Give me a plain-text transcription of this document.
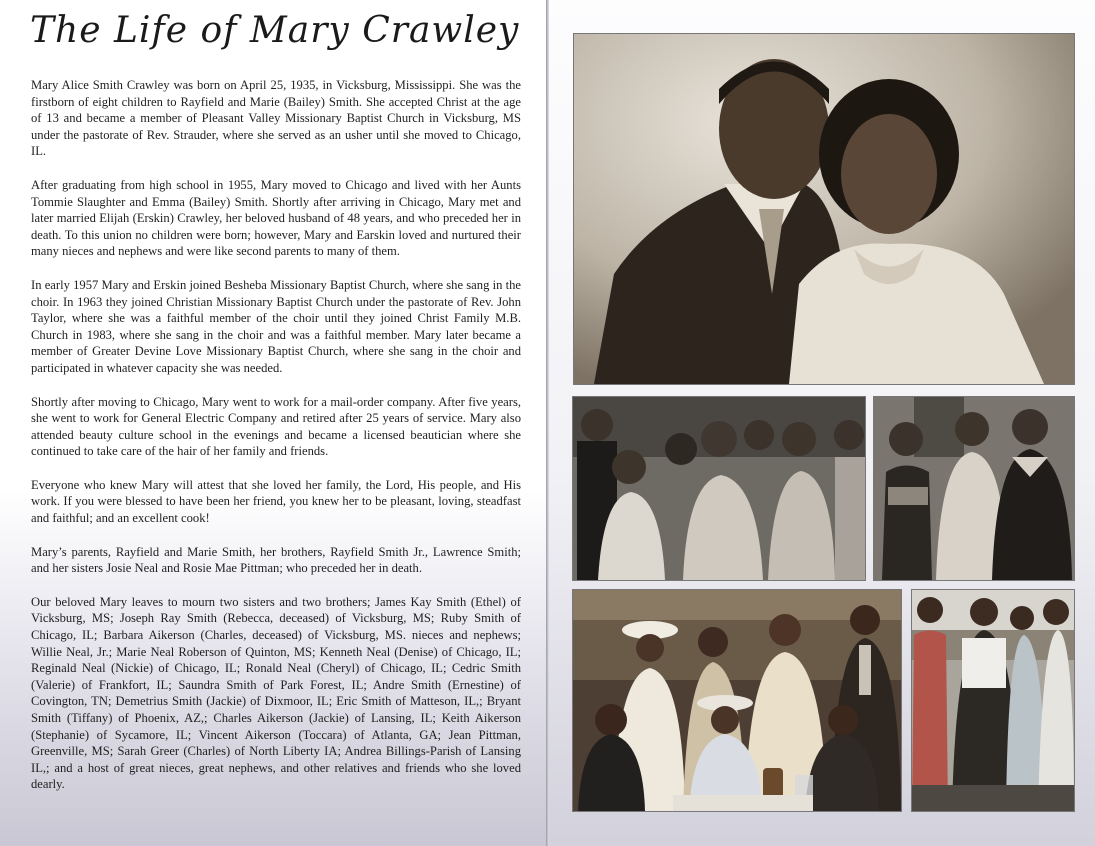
The Life of Mary Crawley

Mary Alice Smith Crawley was born on April 25, 1935, in Vicksburg, Mississippi. She was the firstborn of eight children to Rayfield and Marie (Bailey) Smith. She accepted Christ at the age of 13 and became a member of Pleasant Valley Missionary Baptist Church in Vicksburg, MS under the pastorate of Rev. Strauder, where she served as an usher until she moved to Chicago, IL.

After graduating from high school in 1955, Mary moved to Chicago and lived with her Aunts Tommie Slaughter and Emma (Bailey) Smith. Shortly after arriving in Chicago, Mary met and later married Elijah (Erskin) Crawley, her beloved husband of 48 years, and who preceded her in death. To this union no children were born; however, Mary and Earskin loved and nurtured their many nieces and nephews and were like second parents to many of them.

In early 1957 Mary and Erskin joined Besheba Missionary Baptist Church, where she sang in the choir. In 1963 they joined Christian Missionary Baptist Church under the pastorate of Rev. John Taylor, where she was a faithful member of the choir until they joined Christ Family M.B. Church in 1983, where she sang in the choir and was a faithful member. Mary later became a member of Greater Devine Love Missionary Baptist Church, where she sang in the choir and participated in whatever capacity she was needed.

Shortly after moving to Chicago, Mary went to work for a mail-order company. After five years, she went to work for General Electric Company and retired after 25 years of service. Mary also attended beauty culture school in the evenings and became a licensed beautician where she continued to take care of the hair of her family and friends.

Everyone who knew Mary will attest that she loved her family, the Lord, His people, and His work. If you were blessed to have been her friend, you knew her to be pleasant, loving, steadfast and faithful; and an excellent cook!

Mary’s parents, Rayfield and Marie Smith, her brothers, Rayfield Smith Jr., Lawrence Smith; and her sisters Josie Neal and Rosie Mae Pittman; who preceded her in death.

Our beloved Mary leaves to mourn two sisters and two brothers; James Kay Smith (Ethel) of Vicksburg, MS; Joseph Ray Smith (Rebecca, deceased) of Vicksburg, MS; Ruby Smith of Chicago, IL; Barbara Aikerson (Charles, deceased) of Vicksburg, MS. nieces and nephews; Willie Neal, Jr.; Marie Neal Roberson of Quinton, MS; Kenneth Neal (Denise) of Chicago, IL; Reginald Neal (Nickie) of Chicago, IL; Ronald Neal (Cheryl) of Chicago, IL; Cedric Smith (Valerie) of Frankfort, IL; Saundra Smith of Park Forest, IL; Andre Smith (Ernestine) of Covington, TN; Demetrius Smith (Jackie) of Dixmoor, IL; Eric Smith of Matteson, IL,; Bryant Smith (Tiffany) of Phoenix, AZ,; Charles Aikerson (Jackie) of Lansing, IL; Keith Aikerson (Stephanie) of Sycamore, IL; Vincent Aikerson (Toccara) of Atlanta, GA; Jean Pittman, Greenville, MS; Sarah Greer (Charles) of North Liberty IA; Andrea Billings-Parish of Lansing IL,; and a host of great nieces, great nephews, and other relatives and friends who she loved dearly.
